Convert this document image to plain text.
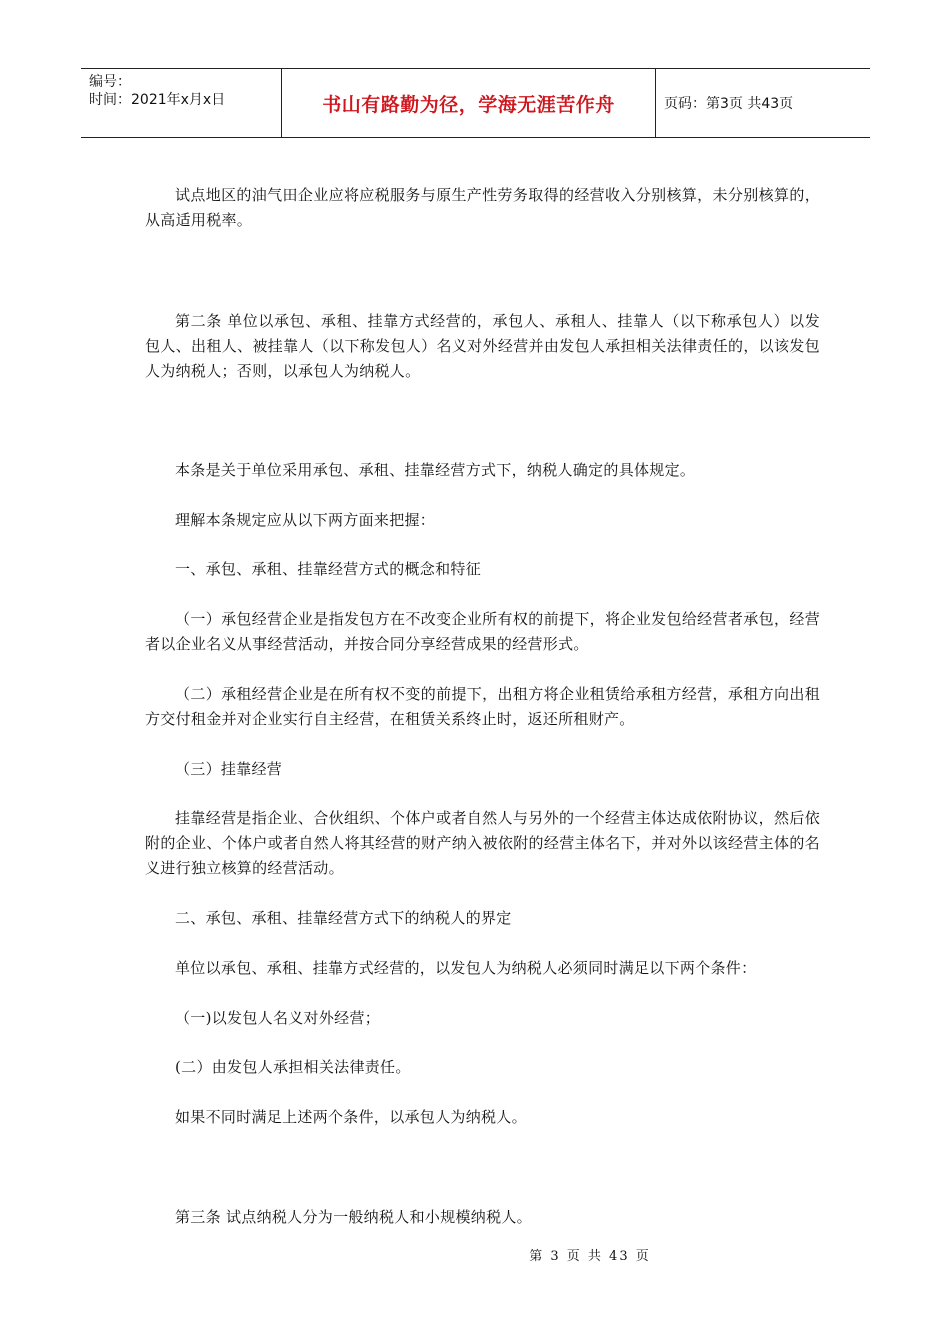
编号：
时间：2021年x月x日	书山有路勤为径，学海无涯苦作舟	页码：第3页 共43页

试点地区的油气田企业应将应税服务与原生产性劳务取得的经营收入分别核算，未分别核算的，从高适用税率。

第二条 单位以承包、承租、挂靠方式经营的，承包人、承租人、挂靠人（以下称承包人）以发包人、出租人、被挂靠人（以下称发包人）名义对外经营并由发包人承担相关法律责任的，以该发包人为纳税人；否则，以承包人为纳税人。

本条是关于单位采用承包、承租、挂靠经营方式下，纳税人确定的具体规定。

理解本条规定应从以下两方面来把握：

一、承包、承租、挂靠经营方式的概念和特征

（一）承包经营企业是指发包方在不改变企业所有权的前提下，将企业发包给经营者承包，经营者以企业名义从事经营活动，并按合同分享经营成果的经营形式。

（二）承租经营企业是在所有权不变的前提下，出租方将企业租赁给承租方经营，承租方向出租方交付租金并对企业实行自主经营，在租赁关系终止时，返还所租财产。

（三）挂靠经营

挂靠经营是指企业、合伙组织、个体户或者自然人与另外的一个经营主体达成依附协议，然后依附的企业、个体户或者自然人将其经营的财产纳入被依附的经营主体名下，并对外以该经营主体的名义进行独立核算的经营活动。

二、承包、承租、挂靠经营方式下的纳税人的界定

单位以承包、承租、挂靠方式经营的，以发包人为纳税人必须同时满足以下两个条件：

（一)以发包人名义对外经营；

(二）由发包人承担相关法律责任。

如果不同时满足上述两个条件，以承包人为纳税人。

第三条 试点纳税人分为一般纳税人和小规模纳税人。

第 3 页 共 43 页
